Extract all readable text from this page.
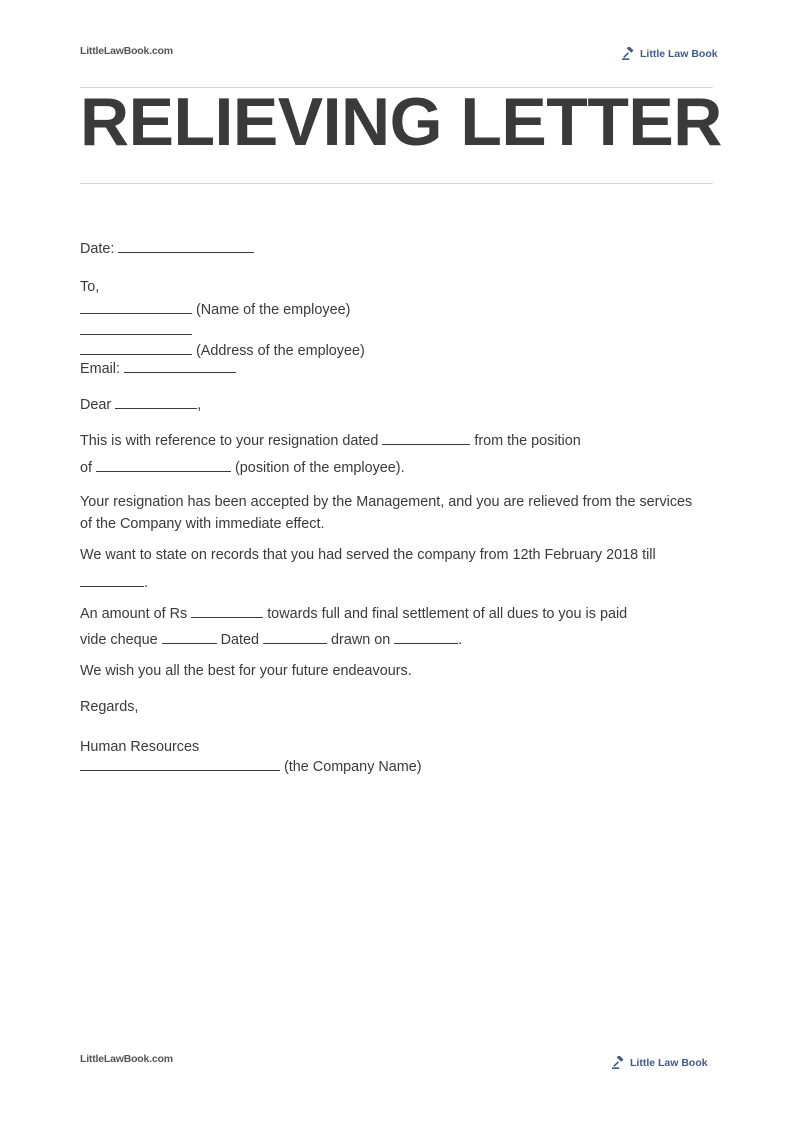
LittleLawBook.com	Little Law Book
RELIEVING LETTER
Date:
To,
(Name of the employee)
(Address of the employee)
Email:
Dear	,
This is with reference to your resignation dated	from the position
of	(position of the employee).
Your resignation has been accepted by the Management, and you are relieved from the services
of the Company with immediate effect.
We want to state on records that you had served the company from 12th February 2018 till
.
An amount of Rs	towards full and final settlement of all dues to you is paid
vide cheque	Dated	drawn on	.
We wish you all the best for your future endeavours.
Regards,
Human Resources
(the Company Name)
LittleLawBook.com	Little Law Book
